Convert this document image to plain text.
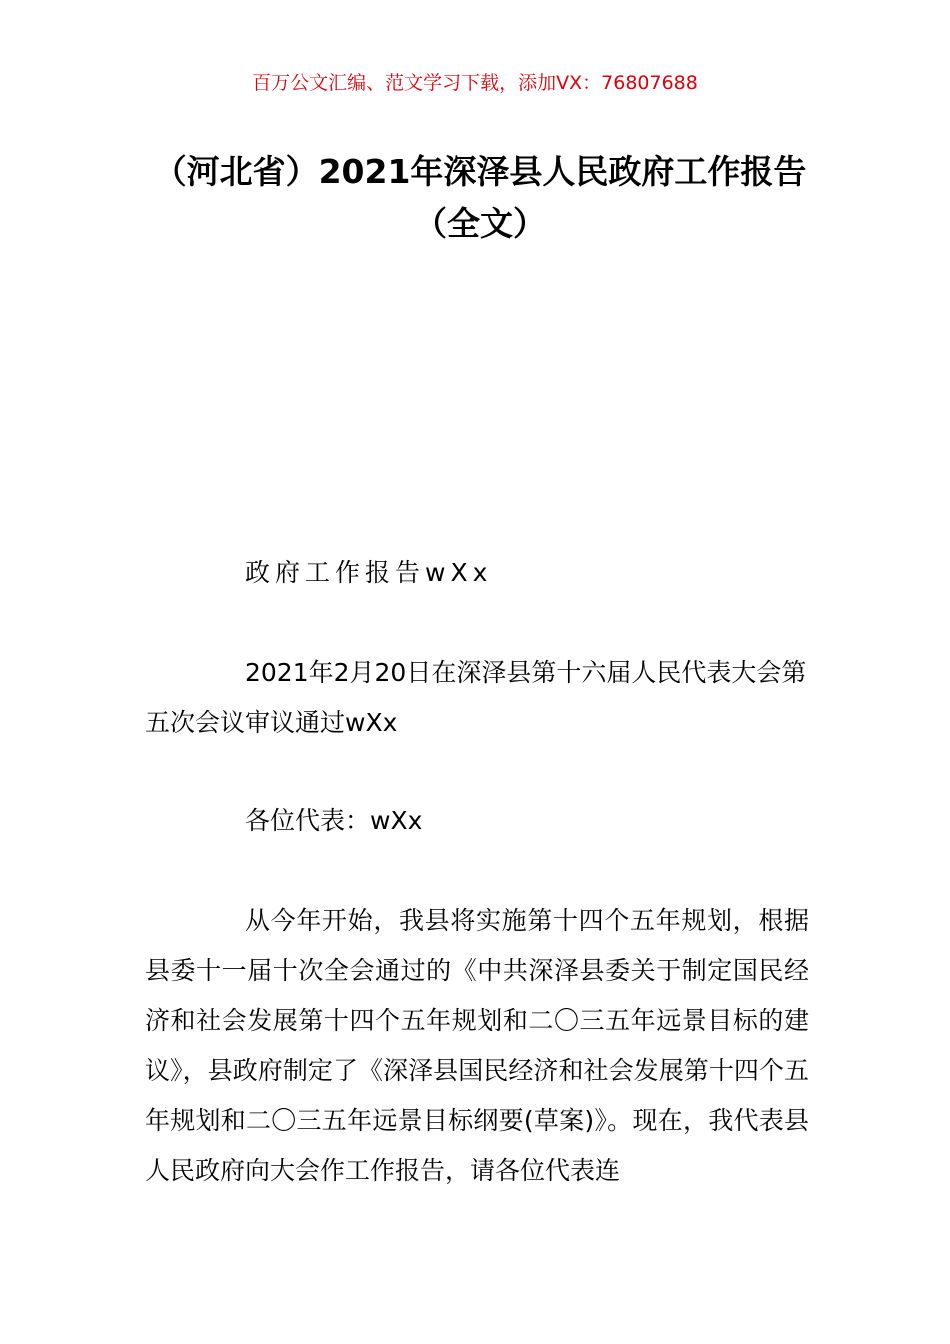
百万公文汇编、范文学习下载，添加VX：76807688
（河北省）2021年深泽县人民政府工作报告（全文）

政府工作报告wXx

2021年2月20日在深泽县第十六届人民代表大会第五次会议审议通过wXx

各位代表：wXx

从今年开始，我县将实施第十四个五年规划，根据县委十一届十次全会通过的《中共深泽县委关于制定国民经济和社会发展第十四个五年规划和二〇三五年远景目标的建议》，县政府制定了《深泽县国民经济和社会发展第十四个五年规划和二〇三五年远景目标纲要(草案)》。现在，我代表县人民政府向大会作工作报告，请各位代表连
